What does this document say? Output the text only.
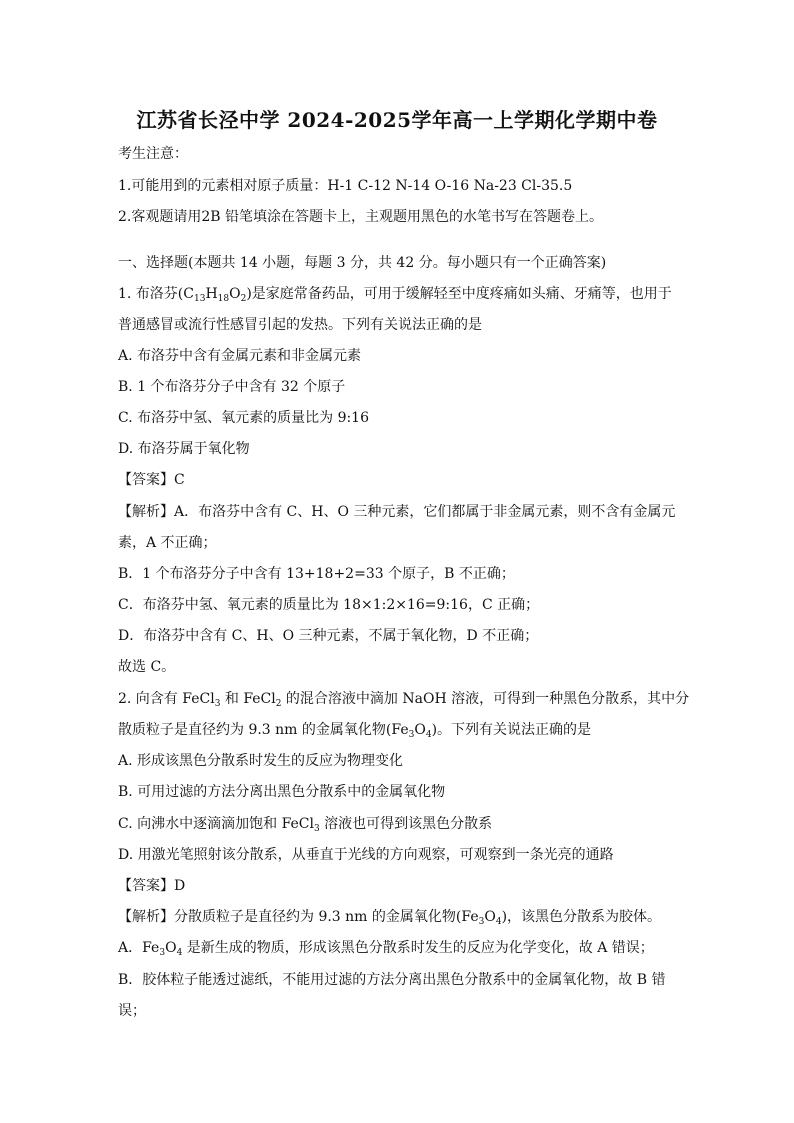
江苏省长泾中学 2024-2025学年高一上学期化学期中卷
考生注意：
1.可能用到的元素相对原子质量：H-1 C-12 N-14 O-16 Na-23 Cl-35.5
2.客观题请用2B 铅笔填涂在答题卡上，主观题用黑色的水笔书写在答题卷上。
一、选择题(本题共 14 小题，每题 3 分，共 42 分。每小题只有一个正确答案)
1. 布洛芬$(C_{13}H_{18}O_2)$是家庭常备药品，可用于缓解轻至中度疼痛如头痛、牙痛等，也用于
普通感冒或流行性感冒引起的发热。下列有关说法正确的是
A. 布洛芬中含有金属元素和非金属元素
B. 1 个布洛芬分子中含有 32 个原子
C. 布洛芬中氢、氧元素的质量比为 9:16
D. 布洛芬属于氧化物
【答案】C
【解析】A．布洛芬中含有 C、H、O 三种元素，它们都属于非金属元素，则不含有金属元
素，A 不正确；
B．1 个布洛芬分子中含有 13+18+2=33 个原子，B 不正确；
C．布洛芬中氢、氧元素的质量比为 18×1:2×16=9:16，C 正确；
D．布洛芬中含有 C、H、O 三种元素，不属于氧化物，D 不正确；
故选 C。
2. 向含有 FeCl$_3$ 和 FeCl$_2$ 的混合溶液中滴加 NaOH 溶液，可得到一种黑色分散系，其中分
散质粒子是直径约为 9.3 nm 的金属氧化物$(Fe_3O_4)$。下列有关说法正确的是
A. 形成该黑色分散系时发生的反应为物理变化
B. 可用过滤的方法分离出黑色分散系中的金属氧化物
C. 向沸水中逐滴滴加饱和 FeCl$_3$ 溶液也可得到该黑色分散系
D. 用激光笔照射该分散系，从垂直于光线的方向观察，可观察到一条光亮的通路
【答案】D
【解析】分散质粒子是直径约为 9.3 nm 的金属氧化物$(Fe_3O_4)$，该黑色分散系为胶体。
A．$Fe_3O_4$ 是新生成的物质，形成该黑色分散系时发生的反应为化学变化，故 A 错误；
B．胶体粒子能透过滤纸，不能用过滤的方法分离出黑色分散系中的金属氧化物，故 B 错
误；
